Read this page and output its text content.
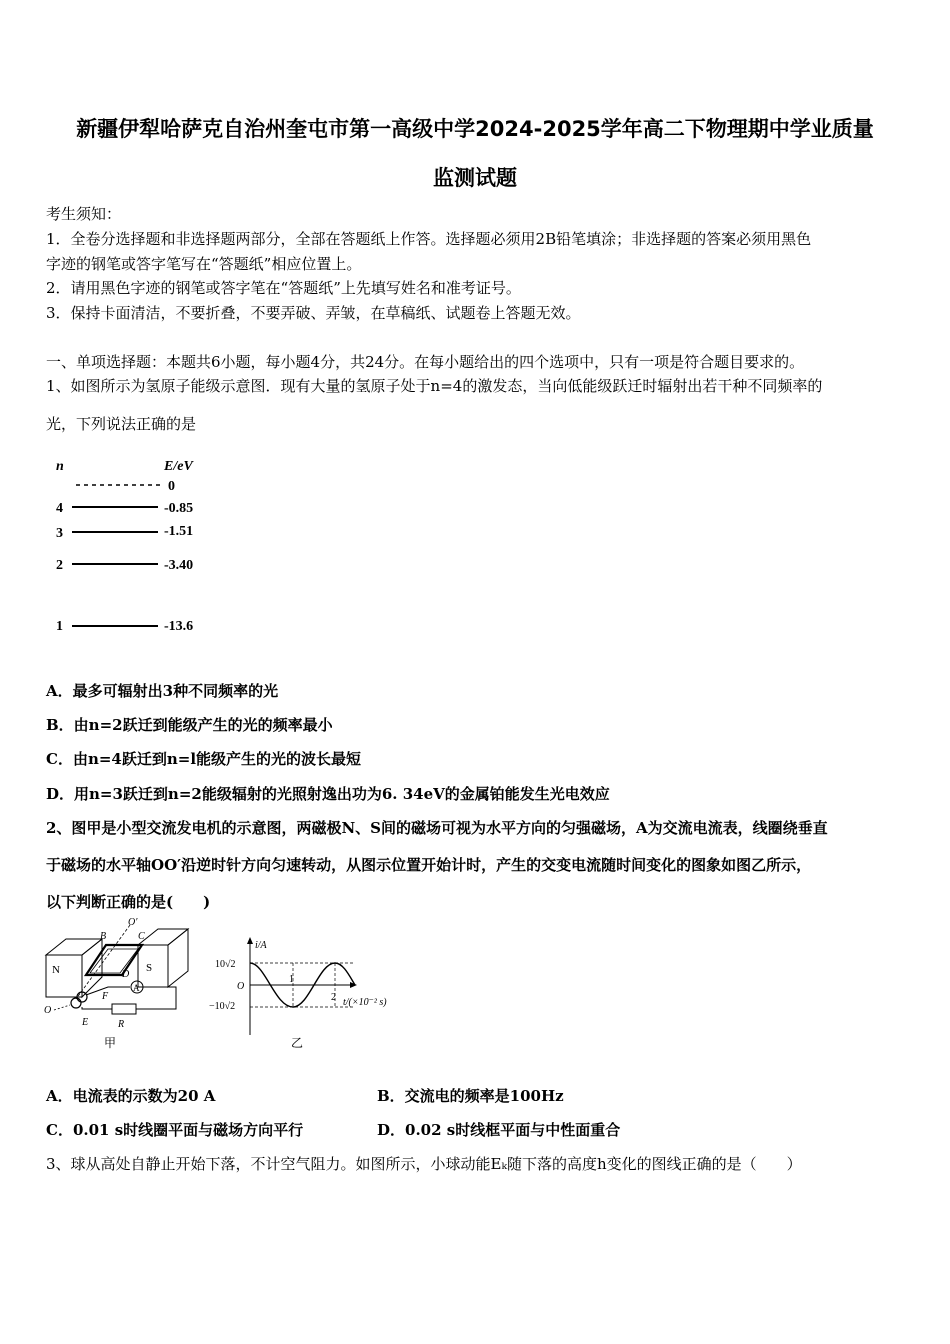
新疆伊犁哈萨克自治州奎屯市第一高级中学2024-2025学年高二下物理期中学业质量
监测试题
考生须知：
1．全卷分选择题和非选择题两部分，全部在答题纸上作答。选择题必须用2B铅笔填涂；非选择题的答案必须用黑色
字迹的钢笔或答字笔写在“答题纸”相应位置上。
2．请用黑色字迹的钢笔或答字笔在“答题纸”上先填写姓名和准考证号。
3．保持卡面清洁，不要折叠，不要弄破、弄皱，在草稿纸、试题卷上答题无效。
一、单项选择题：本题共6小题，每小题4分，共24分。在每小题给出的四个选项中，只有一项是符合题目要求的。
1、如图所示为氢原子能级示意图．现有大量的氢原子处于n=4的激发态，当向低能级跃迁时辐射出若干种不同频率的
光，下列说法正确的是
n	E/eV
0
4	-0.85
3	-1.51
2	-3.40
1	-13.6
A．最多可辐射出3种不同频率的光
B．由n=2跃迁到能级产生的光的频率最小
C．由n=4跃迁到n=l能级产生的光的波长最短
D．用n=3跃迁到n=2能级辐射的光照射逸出功为6. 34eV的金属铂能发生光电效应
2、图甲是小型交流发电机的示意图，两磁极N、S间的磁场可视为水平方向的匀强磁场，A为交流电流表，线圈绕垂直
于磁场的水平轴OO′沿逆时针方向匀速转动，从图示位置开始计时，产生的交变电流随时间变化的图象如图乙所示，
以下判断正确的是(　　)
N	S
O′
B	C
D
A
F
R
E
O
甲
i/A
t/(×10⁻² s)
10√2
−10√2
O
1
2
乙
A．电流表的示数为20 A	B．交流电的频率是100Hz
C．0.01 s时线圈平面与磁场方向平行	D．0.02 s时线框平面与中性面重合
3、球从高处自静止开始下落，不计空气阻力。如图所示，小球动能Eₖ随下落的高度h变化的图线正确的是（　　）
